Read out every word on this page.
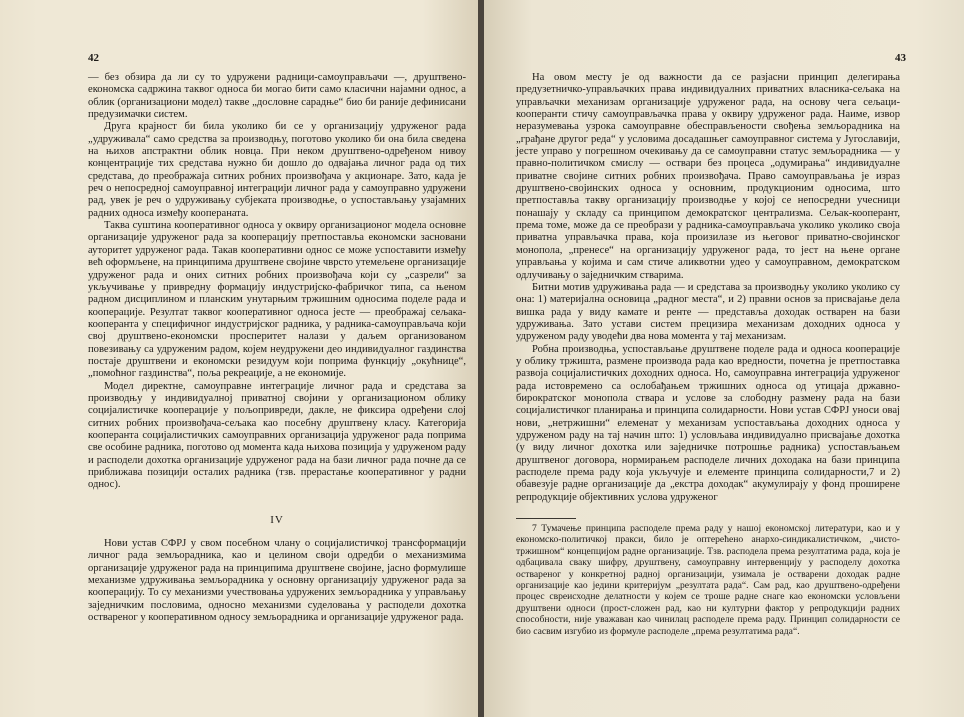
42

— без обзира да ли су то удружени радници-самоуправљачи —, друштвено-економска садржина таквог односа би могао бити само класични најамни однос, а облик (организациони модел) такве „дословне сарадње“ био би раније дефинисани предузимачки систем.

Друга крајност би била уколико би се у организацију удруженог рада „удруживала“ само средства за производњу, поготово уколико би она била сведена на њихов апстрактни облик новца. При неком друштвено-одређеном нивоу концентрације тих средстава нужно би дошло до одвајања личног рада од тих средстава, до преображаја ситних робних произвођача у акционаре. Зато, када је реч о непосредној самоуправној интеграцији личног рада у самоуправно удружени рад, увек је реч о удруживању субјеката производње, о успостављању узајамних радних односа између коопераната.

Таква суштина кооперативног односа у оквиру организационог модела основне организације удруженог рада за кооперацију претпоставља економски засновани ауторитет удруженог рада. Такав кооперативни однос се може успоставити између већ оформљене, на принципима друштвене својине чврсто утемељене организације удруженог рада и оних ситних робних произвођача који су „сазрели“ за укључивање у привредну формацију индустријско-фабричког типа, са њеном радном дисциплином и планским унутарњим тржишним односима поделе рада и кооперације. Резултат таквог кооперативног односа јесте — преображај сељака-кооперанта у специфичног индустријског радника, у радника-самоуправљача који свој друштвено-економски просперитет налази у даљем организованом повезивању са удруженим радом, којем неудружени део индивидуалног газдинства постаје друштвени и економски резидуум који поприма функцију „окућнице“, „помоћног газдинства“, поља рекреације, а не економије.

Модел директне, самоуправне интеграције личног рада и средстава за производњу у индивидуалној приватној својини у организационом облику социјалистичке кооперације у пољопривреди, дакле, не фиксира одређени слој ситних робних произвођача-сељака као посебну друштвену класу. Категорија кооперанта социјалистичких самоуправних организација удруженог рада поприма све особине радника, поготово од момента када њихова позиција у удруженом раду и расподели дохотка организације удруженог рада на бази личног рада почне да се приближава позицији осталих радника (тзв. прерастање кооперативног у радни однос).

IV

Нови устав СФРЈ у свом посебном члану о социјалистичкој трансформацији личног рада земљорадника, као и целином своји одредби о механизмима организације удруженог рада на принципима друштвене својине, јасно формулише механизме удруживања земљорадника у основну организацију удруженог рада за кооперацију. То су механизми учествовања удружених земљорадника у управљању заједничким пословима, односно механизми суделовања у расподели дохотка оствареног у кооперативном односу земљорадника и организације удруженог рада.

43

На овом месту је од важности да се разјасни принцип делегирања предузетничко-управљачких права индивидуалних приватних власника-сељака на управљачки механизам организације удруженог рада, на основу чега сељаци-кооперанти стичу самоуправљачка права у оквиру удруженог рада. Наиме, извор неразумевања узрока самоуправне обесправљености свођења земљорадника на „грађане другог реда“ у условима досадашњег самоуправног система у Југославији, јесте управо у погрешном очекивању да се самоуправни статус земљорадника — у правно-политичком смислу — оствари без процеса „одумирања“ индивидуалне приватне својине ситних робних произвођача. Право самоуправљања је израз друштвено-својинских односа у основним, продукционим односима, што претпоставља такву организацију производње у којој се непосредни учесници понашају у складу са принципом демократског централизма. Сељак-кооперант, према томе, може да се преобрази у радника-самоуправљача уколико уколико своја приватна управљачка права, која произилазе из његовог приватно-својинског монопола, „пренесе“ на организацију удруженог рада, то јест на њене органе управљања у којима и сам стиче аликвотни удео у самоуправном, демократском одлучивању о заједничким стварима.

Битни мотив удруживања рада — и средстава за производњу уколико уколико су она: 1) материјална основица „радног места“, и 2) правни основ за присвајање дела вишка рада у виду камате и ренте — представља доходак остварен на бази удруживања. Зато устави систем прецизира механизам доходних односа у удруженом раду уводећи два нова момента у тај механизам.

Робна производња, успостављање друштвене поделе рада и односа кооперације у облику тржишта, размене производа рада као вредности, почетна је претпоставка развоја социјалистичких доходних односа. Но, самоуправна интеграција удруженог рада истовремено са ослобађањем тржишних односа од утицаја државно-бирократског монопола ствара и услове за слободну размену рада на бази социјалистичког планирања и принципа солидарности. Нови устав СФРЈ уноси овај нови, „нетржишни“ елеменат у механизам успостављања доходних односа у удруженом раду на тај начин што: 1) условљава индивидуално присвајање дохотка (у виду личног дохотка или заједничке потрошње радника) успостављањем друштвеног договора, нормирањем расподеле личних доходака на бази принципа расподеле према раду која укључује и елементе принципа солидарности,7 и 2) обавезује радне организације да „екстра доходак“ акумулирају у фонд проширене репродукције објективних услова удруженог

7 Тумачење принципа расподеле према раду у нашој економској литератури, као и у економско-политичкој пракси, било је оптерећено анархо-синдикалистичком, „чисто-тржишном“ концепцијом радне организације. Тзв. расподела према резултатима рада, која је одбацивала сваку шифру, друштвену, самоуправну интервенцију у расподелу дохотка оствареног у конкретној радној организацији, узимала је остварени доходак радне организације као једини критеријум „резултата рада“. Сам рад, као друштвено-одређени процес свреисходне делатности у којем се троше радне снаге као економски условљени друштвени односи (прост-сложен рад, као ни културни фактор у репродукцији радних способности, није уважаван као чинилац расподеле према раду. Принцип солидарности се био сасвим изгубио из формуле расподеле „према резултатима рада“.
